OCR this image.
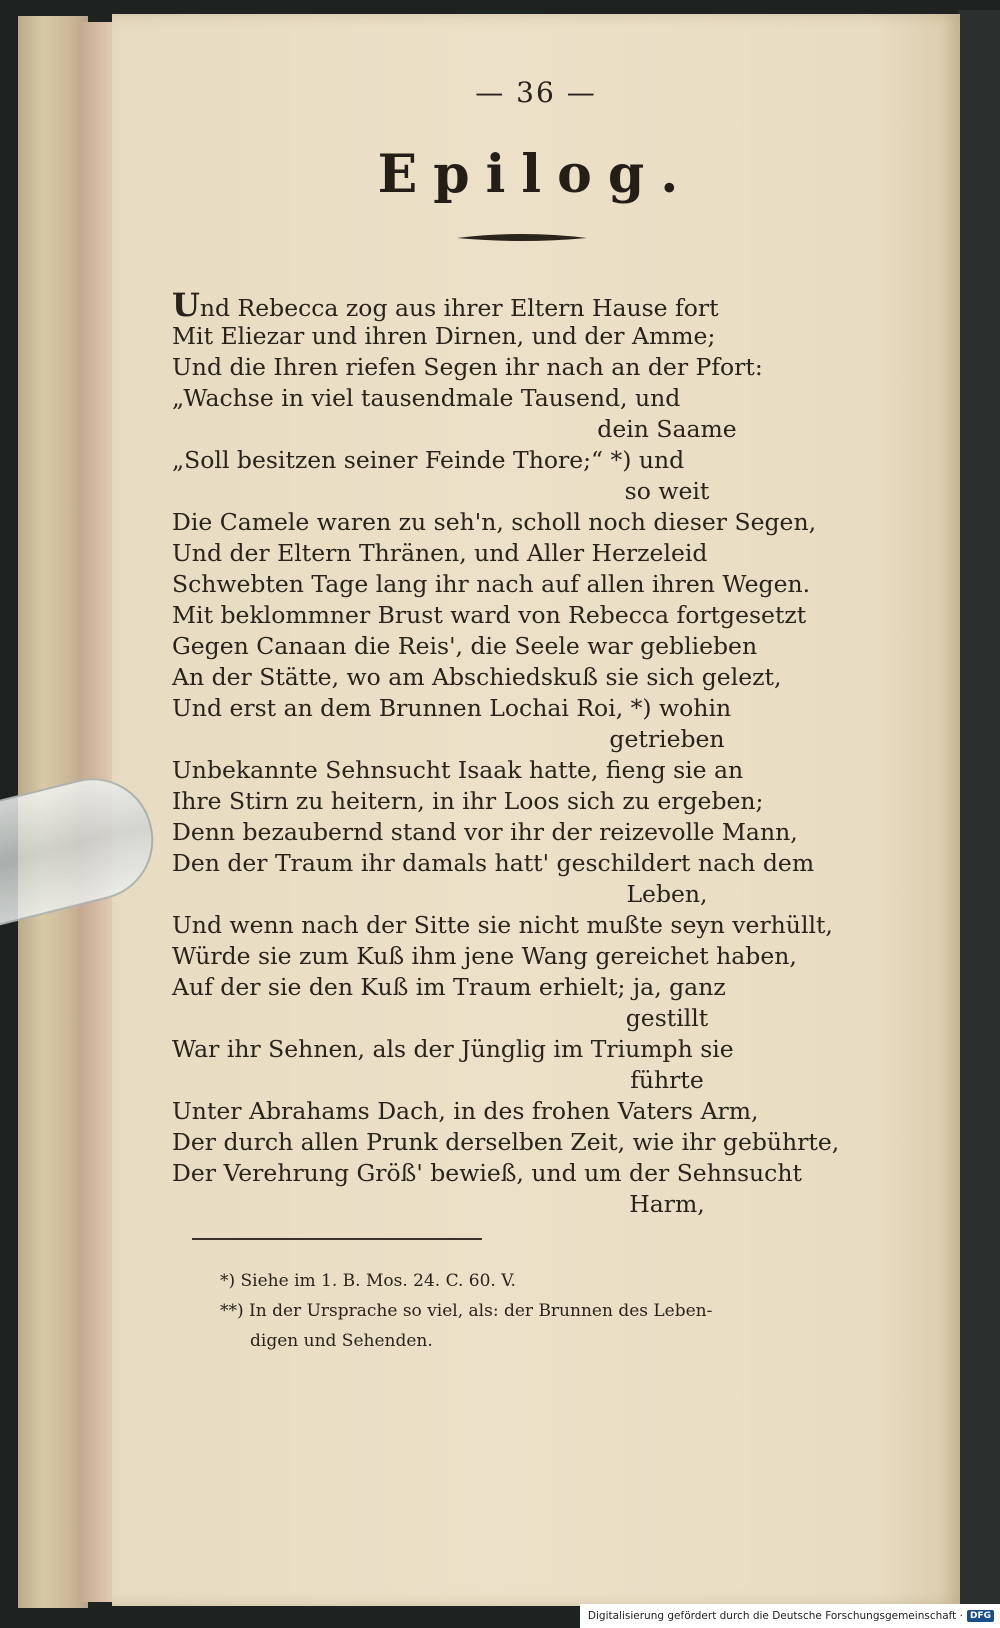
— 36 —
Epilog.
Und Rebecca zog aus ihrer Eltern Hause fort
Mit Eliezar und ihren Dirnen, und der Amme;
Und die Ihren riefen Segen ihr nach an der Pfort:
„Wachse in viel tausendmale Tausend, und
dein Saame
„Soll besitzen seiner Feinde Thore;“ *) und
so weit
Die Camele waren zu seh'n, scholl noch dieser Segen,
Und der Eltern Thränen, und Aller Herzeleid
Schwebten Tage lang ihr nach auf allen ihren Wegen.
Mit beklommner Brust ward von Rebecca fortgesetzt
Gegen Canaan die Reis', die Seele war geblieben
An der Stätte, wo am Abschiedskuß sie sich gelezt,
Und erst an dem Brunnen Lochai Roi, *) wohin
getrieben
Unbekannte Sehnsucht Isaak hatte, fieng sie an
Ihre Stirn zu heitern, in ihr Loos sich zu ergeben;
Denn bezaubernd stand vor ihr der reizevolle Mann,
Den der Traum ihr damals hatt' geschildert nach dem
Leben,
Und wenn nach der Sitte sie nicht mußte seyn verhüllt,
Würde sie zum Kuß ihm jene Wang gereichet haben,
Auf der sie den Kuß im Traum erhielt; ja, ganz
gestillt
War ihr Sehnen, als der Jünglig im Triumph sie
führte
Unter Abrahams Dach, in des frohen Vaters Arm,
Der durch allen Prunk derselben Zeit, wie ihr gebührte,
Der Verehrung Größ' bewieß, und um der Sehnsucht
Harm,
*) Siehe im 1. B. Mos. 24. C. 60. V.
**) In der Ursprache so viel, als: der Brunnen des Leben-
digen und Sehenden.
Digitalisierung gefördert durch die Deutsche Forschungsgemeinschaft · DFG
